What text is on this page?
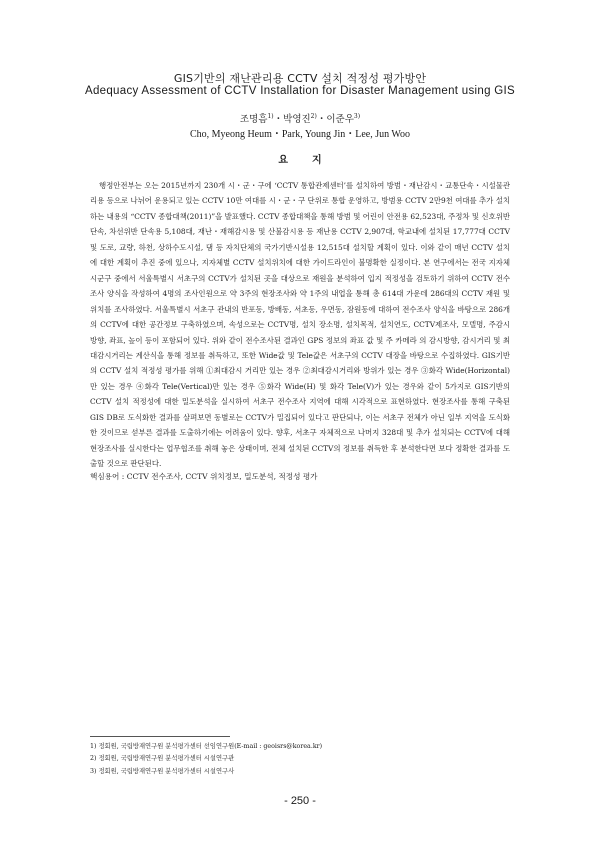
GIS기반의 재난관리용 CCTV 설치 적정성 평가방안
Adequacy Assessment of CCTV Installation for Disaster Management using GIS
조명흠$^{1)}$・박영진$^{2)}$・이준우$^{3)}$
Cho, Myeong Heum・Park, Young Jin・Lee, Jun Woo
요지

행정안전부는 오는 2015년까지 230개 시・군・구에 ‘CCTV 통합관제센터’를 설치하여 방범・재난감시・교통단속・시설물관리용 등으로 나뉘어 운용되고 있는 CCTV 10만 여대를 시・군・구 단위로 통합 운영하고, 방범용 CCTV 2만9천 여대를 추가 설치하는 내용의 “CCTV 종합대책(2011)”을 발표했다. CCTV 종합대책을 통해 방범 및 어린이 안전용 62,523대, 주정차 및 신호위반 단속, 차선위반 단속용 5,108대, 재난・재해감시용 및 산불감시용 등 재난용 CCTV 2,907대, 학교내에 설치된 17,777대 CCTV 및 도로, 교량, 하천, 상하수도시설, 댐 등 자치단체의 국가기반시설용 12,515대 설치할 계획이 있다. 이와 같이 매년 CCTV 설치에 대한 계획이 추진 중에 있으나, 지자체별 CCTV 설치위치에 대한 가이드라인이 불명확한 실정이다. 본 연구에서는 전국 지자체 시군구 중에서 서울특별시 서초구의 CCTV가 설치된 곳을 대상으로 재원을 분석하여 입지 적정성을 검토하기 위하여 CCTV 전수조사 양식을 작성하여 4명의 조사인원으로 약 3주의 현장조사와 약 1주의 내업을 통해 총 614대 가운데 286대의 CCTV 재원 및 위치를 조사하였다. 서울특별시 서초구 관내의 반포동, 방배동, 서초동, 우면동, 잠원동에 대하여 전수조사 양식을 바탕으로 286개의 CCTV에 대한 공간정보 구축하였으며, 속성으로는 CCTV명, 설치 장소명, 설치목적, 설치연도, CCTV제조사, 모델명, 주감시 방향, 좌표, 높이 등이 포함되어 있다. 위와 같이 전수조사된 결과인 GPS 정보의 좌표 값 및 주 카메라 의 감시방향, 감시거리 및 최대감시거리는 계산식을 통해 정보를 취득하고, 또한 Wide값 및 Tele값은 서초구의 CCTV 대장을 바탕으로 수집하였다. GIS기반의 CCTV 설치 적정성 평가를 위해 ①최대감시 거리만 있는 경우 ②최대감시거리와 방위가 있는 경우 ③화각 Wide(Horizontal)만 있는 경우 ④화각 Tele(Vertical)만 있는 경우 ⑤화각 Wide(H) 및 화각 Tele(V)가 있는 경우와 같이 5가지로 GIS기반의 CCTV 설치 적정성에 대한 밀도분석을 실시하여 서초구 전수조사 지역에 대해 시각적으로 표현하였다. 현장조사를 통해 구축된 GIS DB로 도식화한 결과를 살펴보면 동별로는 CCTV가 밀집되어 있다고 판단되나, 이는 서초구 전체가 아닌 일부 지역을 도식화한 것이므로 섣부른 결과를 도출하기에는 어려움이 있다. 향후, 서초구 자체적으로 나머지 328대 및 추가 설치되는 CCTV에 대해 현장조사를 실시한다는 업무협조를 취해 놓은 상태이며, 전체 설치된 CCTV의 정보를 취득한 후 분석한다면 보다 정확한 결과를 도출할 것으로 판단된다.

핵심용어 : CCTV 전수조사, CCTV 위치정보, 밀도분석, 적정성 평가

1) 정회원, 국립방재연구원 분석평가센터 선임연구원(E-mail : geoisrs@korea.kr)
2) 정회원, 국립방재연구원 분석평가센터 시설연구관
3) 정회원, 국립방재연구원 분석평가센터 시설연구사
- 250 -
